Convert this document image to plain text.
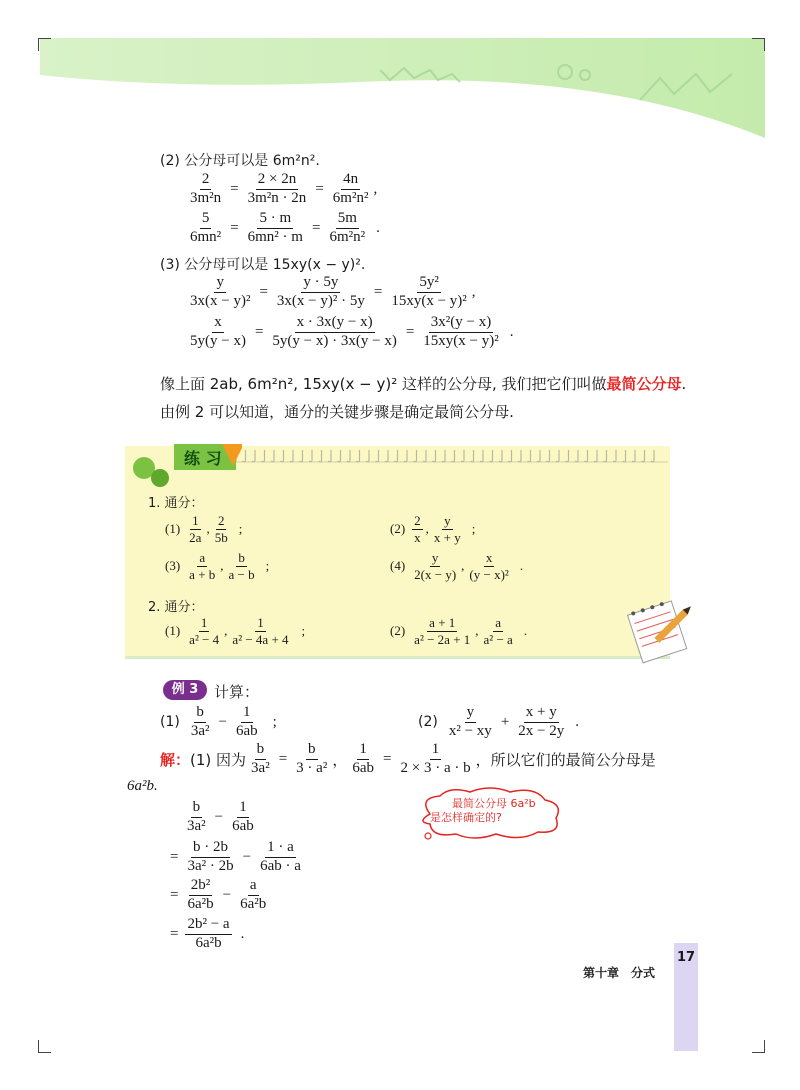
(2) 公分母可以是 6m²n².
$\frac{2}{\text{3m²n}} = \frac{2 \times 2n}{\text{3m²n · 2n}} = \frac{4n}{\text{6m²n²}}$ ,
$\frac{5}{\text{6mn²}} = \frac{5 \cdot m}{\text{6mn² · m}} = \frac{5m}{\text{6m²n²}}$ .
(3) 公分母可以是 15xy(x − y)².
$\frac{y}{\text{3x(x − y)²}} = \frac{y \cdot 5y}{\text{3x(x − y)² · 5y}} = \frac{\text{5y²}}{\text{15xy(x − y)²}}$ ,
$\frac{x}{5y(y - x)} = \frac{x \cdot 3x(y - x)}{5y(y - x) \cdot 3x(y - x)} = \frac{\text{3x²(y − x)}}{\text{15xy(x − y)²}}$ .
像上面 2ab, 6m²n², 15xy(x − y)² 这样的公分母, 我们把它们叫做最简公分母.
由例 2 可以知道，通分的关键步骤是确定最简公分母.
练 习
1. 通分：
$(1) \frac{1}{2a}$ , $\frac{2}{5b}$ ;	$(2) \frac{2}{x}$ , $\frac{y}{x + y}$ ;
$(3) \frac{a}{a + b}$ , $\frac{b}{a - b}$ ;	$(4) \frac{y}{2(x - y)}$ , $\frac{x}{\text{(y − x)²}}$ .
2. 通分：
$(1) \frac{1}{\text{a² − 4}}$ , $\frac{1}{\text{a² − 4a + 4}}$ ;	$(2) \frac{a + 1}{\text{a² − 2a + 1}}$ , $\frac{a}{\text{a² − a}}$ .
例 3	计算：
$(1) \frac{b}{\text{3a²}} - \frac{1}{6ab}$ ;	$(2) \frac{y}{\text{x² − xy}} + \frac{x + y}{2x - 2y}$ .
解： (1) 因为 $\frac{b}{\text{3a²}} = \frac{b}{\text{3 · a²}}$ ， $\frac{1}{6ab} = \frac{1}{2 \times 3 \cdot a \cdot b}$ ，所以它们的最简公分母是
6a²b.
$\frac{b}{\text{3a²}} - \frac{1}{6ab}$
= $\frac{b \cdot 2b}{\text{3a² · 2b}} - \frac{1 \cdot a}{6ab \cdot a}$
= $\frac{\text{2b²}}{\text{6a²b}} - \frac{a}{\text{6a²b}}$
= $\frac{\text{2b² − a}}{\text{6a²b}}$ .
最简公分母 6a²b
是怎样确定的?
第十章　分式
17
